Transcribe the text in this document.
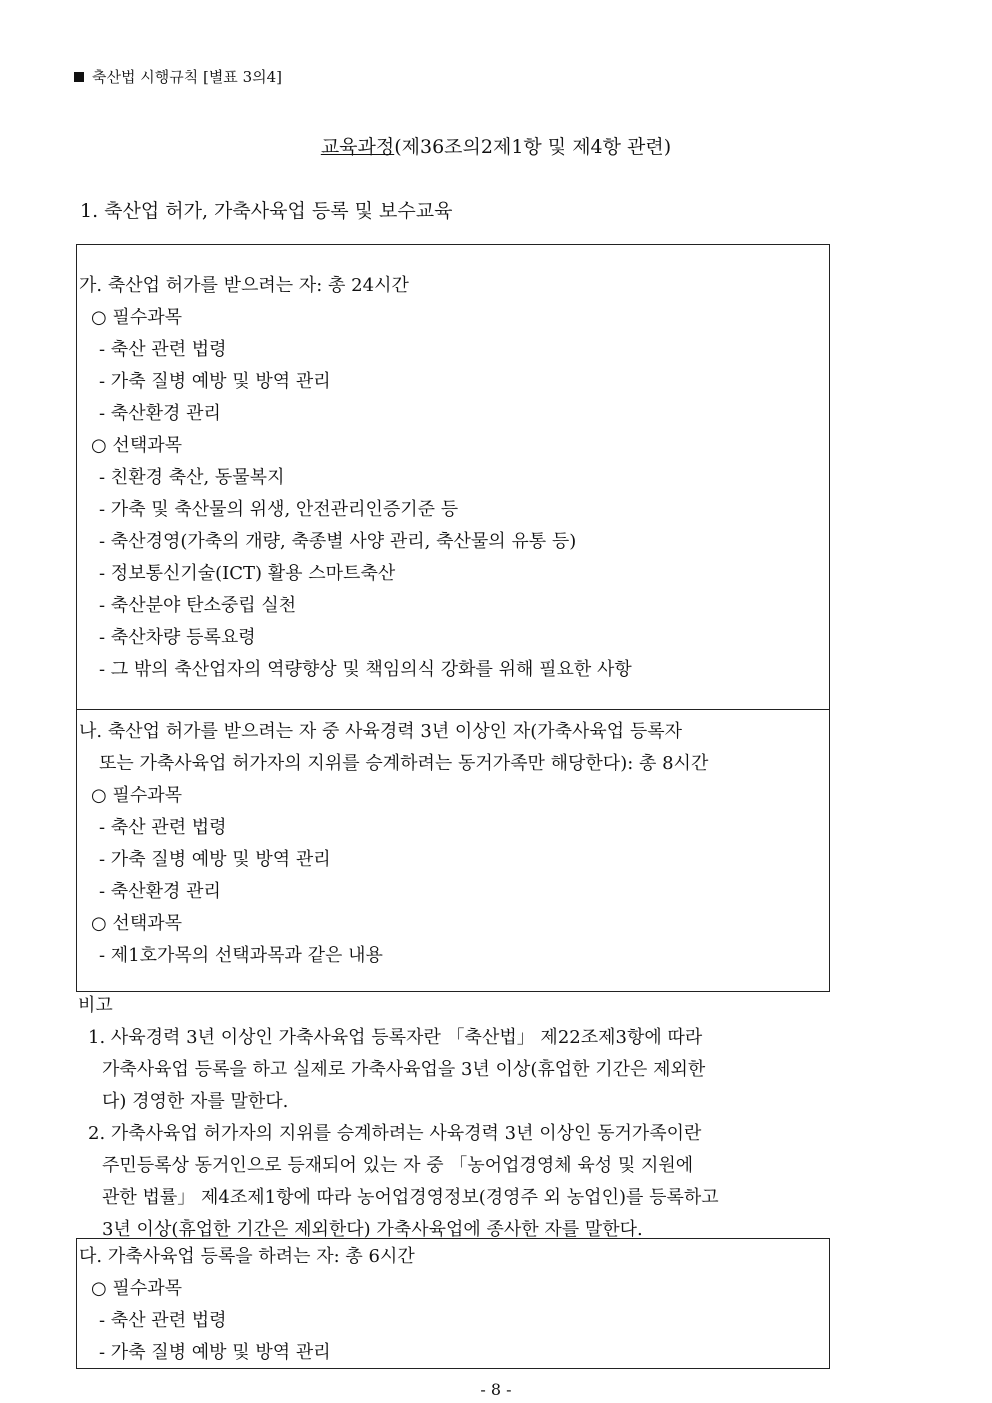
축산법 시행규칙 [별표 3의4]
교육과정(제36조의2제1항 및 제4항 관련)
1. 축산업 허가, 가축사육업 등록 및 보수교육
가. 축산업 허가를 받으려는 자: 총 24시간
○ 필수과목
- 축산 관련 법령
- 가축 질병 예방 및 방역 관리
- 축산환경 관리
○ 선택과목
- 친환경 축산, 동물복지
- 가축 및 축산물의 위생, 안전관리인증기준 등
- 축산경영(가축의 개량, 축종별 사양 관리, 축산물의 유통 등)
- 정보통신기술(ICT) 활용 스마트축산
- 축산분야 탄소중립 실천
- 축산차량 등록요령
- 그 밖의 축산업자의 역량향상 및 책임의식 강화를 위해 필요한 사항
나. 축산업 허가를 받으려는 자 중 사육경력 3년 이상인 자(가축사육업 등록자
또는 가축사육업 허가자의 지위를 승계하려는 동거가족만 해당한다): 총 8시간
○ 필수과목
- 축산 관련 법령
- 가축 질병 예방 및 방역 관리
- 축산환경 관리
○ 선택과목
- 제1호가목의 선택과목과 같은 내용
비고
1. 사육경력 3년 이상인 가축사육업 등록자란 「축산법」 제22조제3항에 따라
가축사육업 등록을 하고 실제로 가축사육업을 3년 이상(휴업한 기간은 제외한
다) 경영한 자를 말한다.
2. 가축사육업 허가자의 지위를 승계하려는 사육경력 3년 이상인 동거가족이란
주민등록상 동거인으로 등재되어 있는 자 중 「농어업경영체 육성 및 지원에
관한 법률」 제4조제1항에 따라 농어업경영정보(경영주 외 농업인)를 등록하고
3년 이상(휴업한 기간은 제외한다) 가축사육업에 종사한 자를 말한다.
다. 가축사육업 등록을 하려는 자: 총 6시간
○ 필수과목
- 축산 관련 법령
- 가축 질병 예방 및 방역 관리
- 8 -
